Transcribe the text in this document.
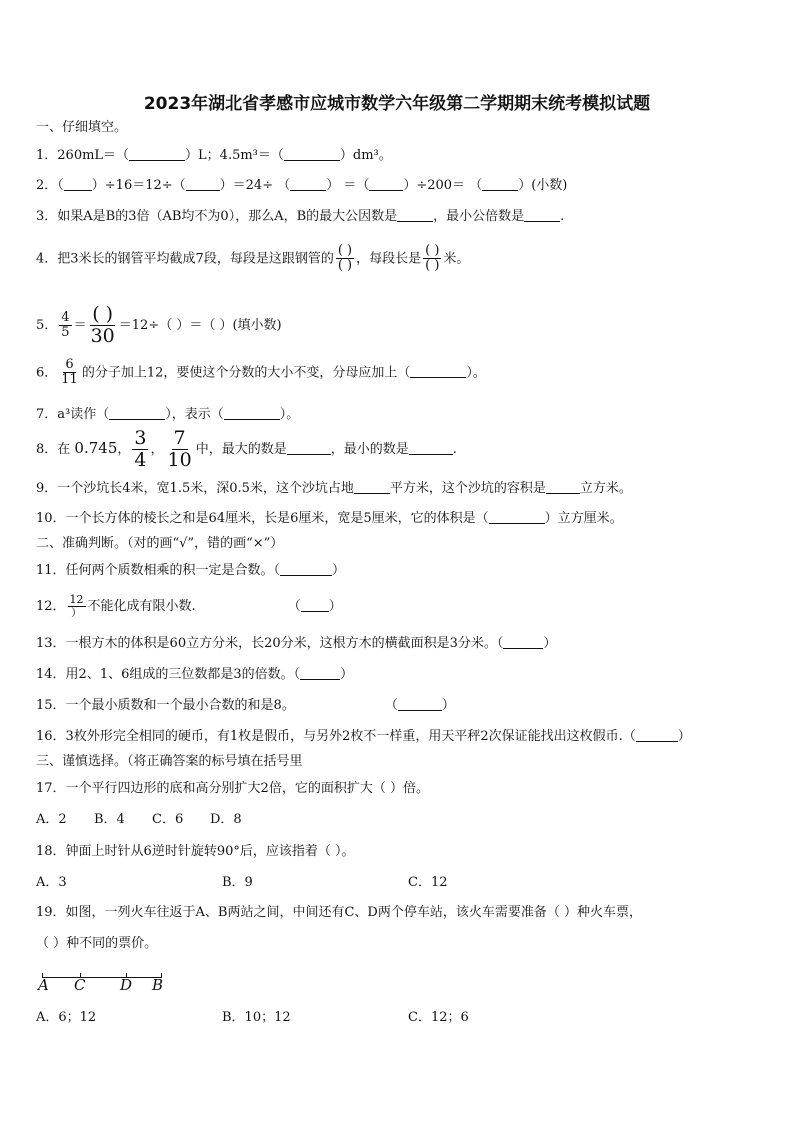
2023年湖北省孝感市应城市数学六年级第二学期期末统考模拟试题
一、仔细填空。
1．260mL＝（	）L；4.5m³＝（	）dm³。
2．（ ）÷16＝12÷（	）＝24÷ （	） ＝（	）÷200＝ （	）(小数)
3．如果A是B的3倍（AB均不为0），那么A，B的最大公因数是	，最小公倍数是	.
4．把3米长的钢管平均截成7段，每段是这跟钢管的 $\frac{( )}{( )}$ ，每段长是 $\frac{( )}{( )}$ 米。
5． $\frac{4}{5} = \frac{( )}{30} =12\div$（ ）＝（ ）(填小数)
6． $\frac{6}{11}$ 的分子加上12，要使这个分数的大小不变，分母应加上（	）。
7．a³读作（	），表示（	）。
8．在 0.745， $\frac{3}{4}$ ， $\frac{7}{10}$ 中，最大的数是	，最小的数是	.
9．一个沙坑长4米，宽1.5米，深0.5米，这个沙坑占地	平方米，这个沙坑的容积是	立方米。
10．一个长方体的棱长之和是64厘米，长是6厘米，宽是5厘米，它的体积是（	）立方厘米。
二、准确判断。（对的画“√”，错的画“×”）
11．任何两个质数相乘的积一定是合数。（	）
12． $\frac{12}{)}$ 不能化成有限小数.	（ ）
13．一根方木的体积是60立方分米，长20分米，这根方木的横截面积是3分米。（	）
14．用2、1、6组成的三位数都是3的倍数。（	）
15．一个最小质数和一个最小合数的和是8。	（	）
16．3枚外形完全相同的硬币，有1枚是假币，与另外2枚不一样重，用天平秤2次保证能找出这枚假币.（	）
三、谨慎选择。（将正确答案的标号填在括号里
17．一个平行四边形的底和高分别扩大2倍，它的面积扩大（ ）倍。
A．2 B．4 C．6 D．8
18．钟面上时针从6逆时针旋转90°后，应该指着（ ）。
A．3	B．9	C．12
19．如图，一列火车往返于A、B两站之间，中间还有C、D两个停车站，该火车需要准备（ ）种火车票，
（ ）种不同的票价。
A C D B
A．6；12	B．10；12	C．12；6
